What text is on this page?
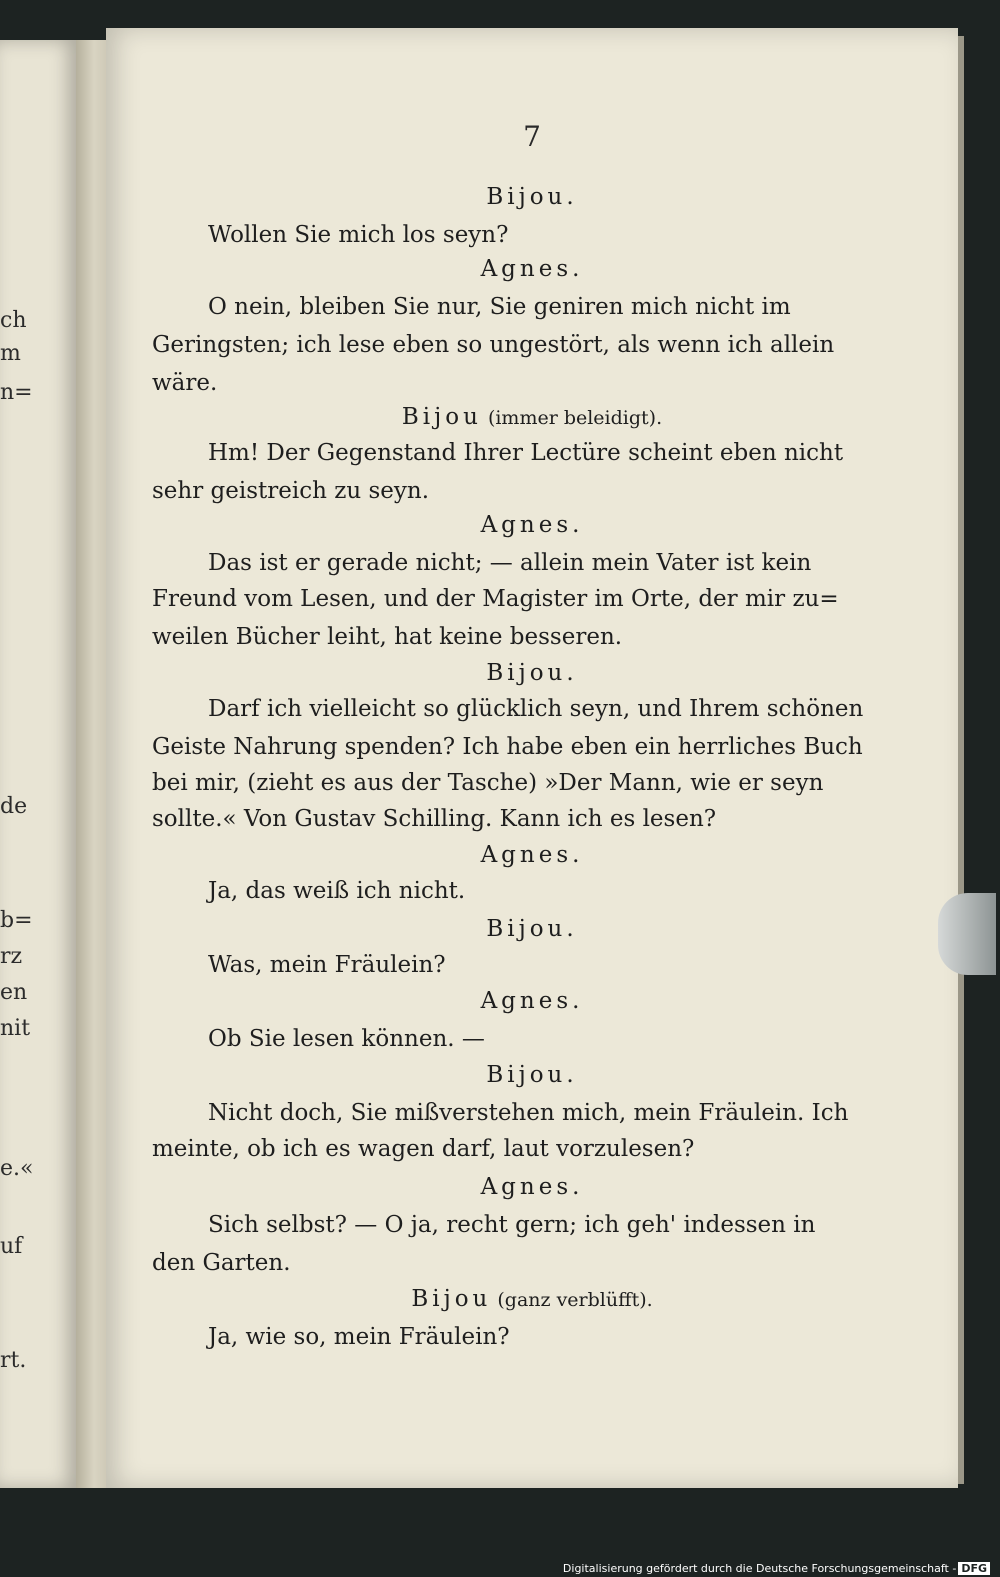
ch
m
n=
de
b=
rz
en
nit
e.«
uf
rt.
7
Bijou.
Wollen Sie mich los seyn?
Agnes.
O nein, bleiben Sie nur, Sie geniren mich nicht im
Geringsten; ich lese eben so ungestört, als wenn ich allein
wäre.
Bijou (immer beleidigt).
Hm! Der Gegenstand Ihrer Lectüre scheint eben nicht
sehr geistreich zu seyn.
Agnes.
Das ist er gerade nicht; — allein mein Vater ist kein
Freund vom Lesen, und der Magister im Orte, der mir zu=
weilen Bücher leiht, hat keine besseren.
Bijou.
Darf ich vielleicht so glücklich seyn, und Ihrem schönen
Geiste Nahrung spenden? Ich habe eben ein herrliches Buch
bei mir, (zieht es aus der Tasche) »Der Mann, wie er seyn
sollte.« Von Gustav Schilling. Kann ich es lesen?
Agnes.
Ja, das weiß ich nicht.
Bijou.
Was, mein Fräulein?
Agnes.
Ob Sie lesen können. —
Bijou.
Nicht doch, Sie mißverstehen mich, mein Fräulein. Ich
meinte, ob ich es wagen darf, laut vorzulesen?
Agnes.
Sich selbst? — O ja, recht gern; ich geh' indessen in
den Garten.
Bijou (ganz verblüfft).
Ja, wie so, mein Fräulein?
Digitalisierung gefördert durch die Deutsche Forschungsgemeinschaft - DFG
